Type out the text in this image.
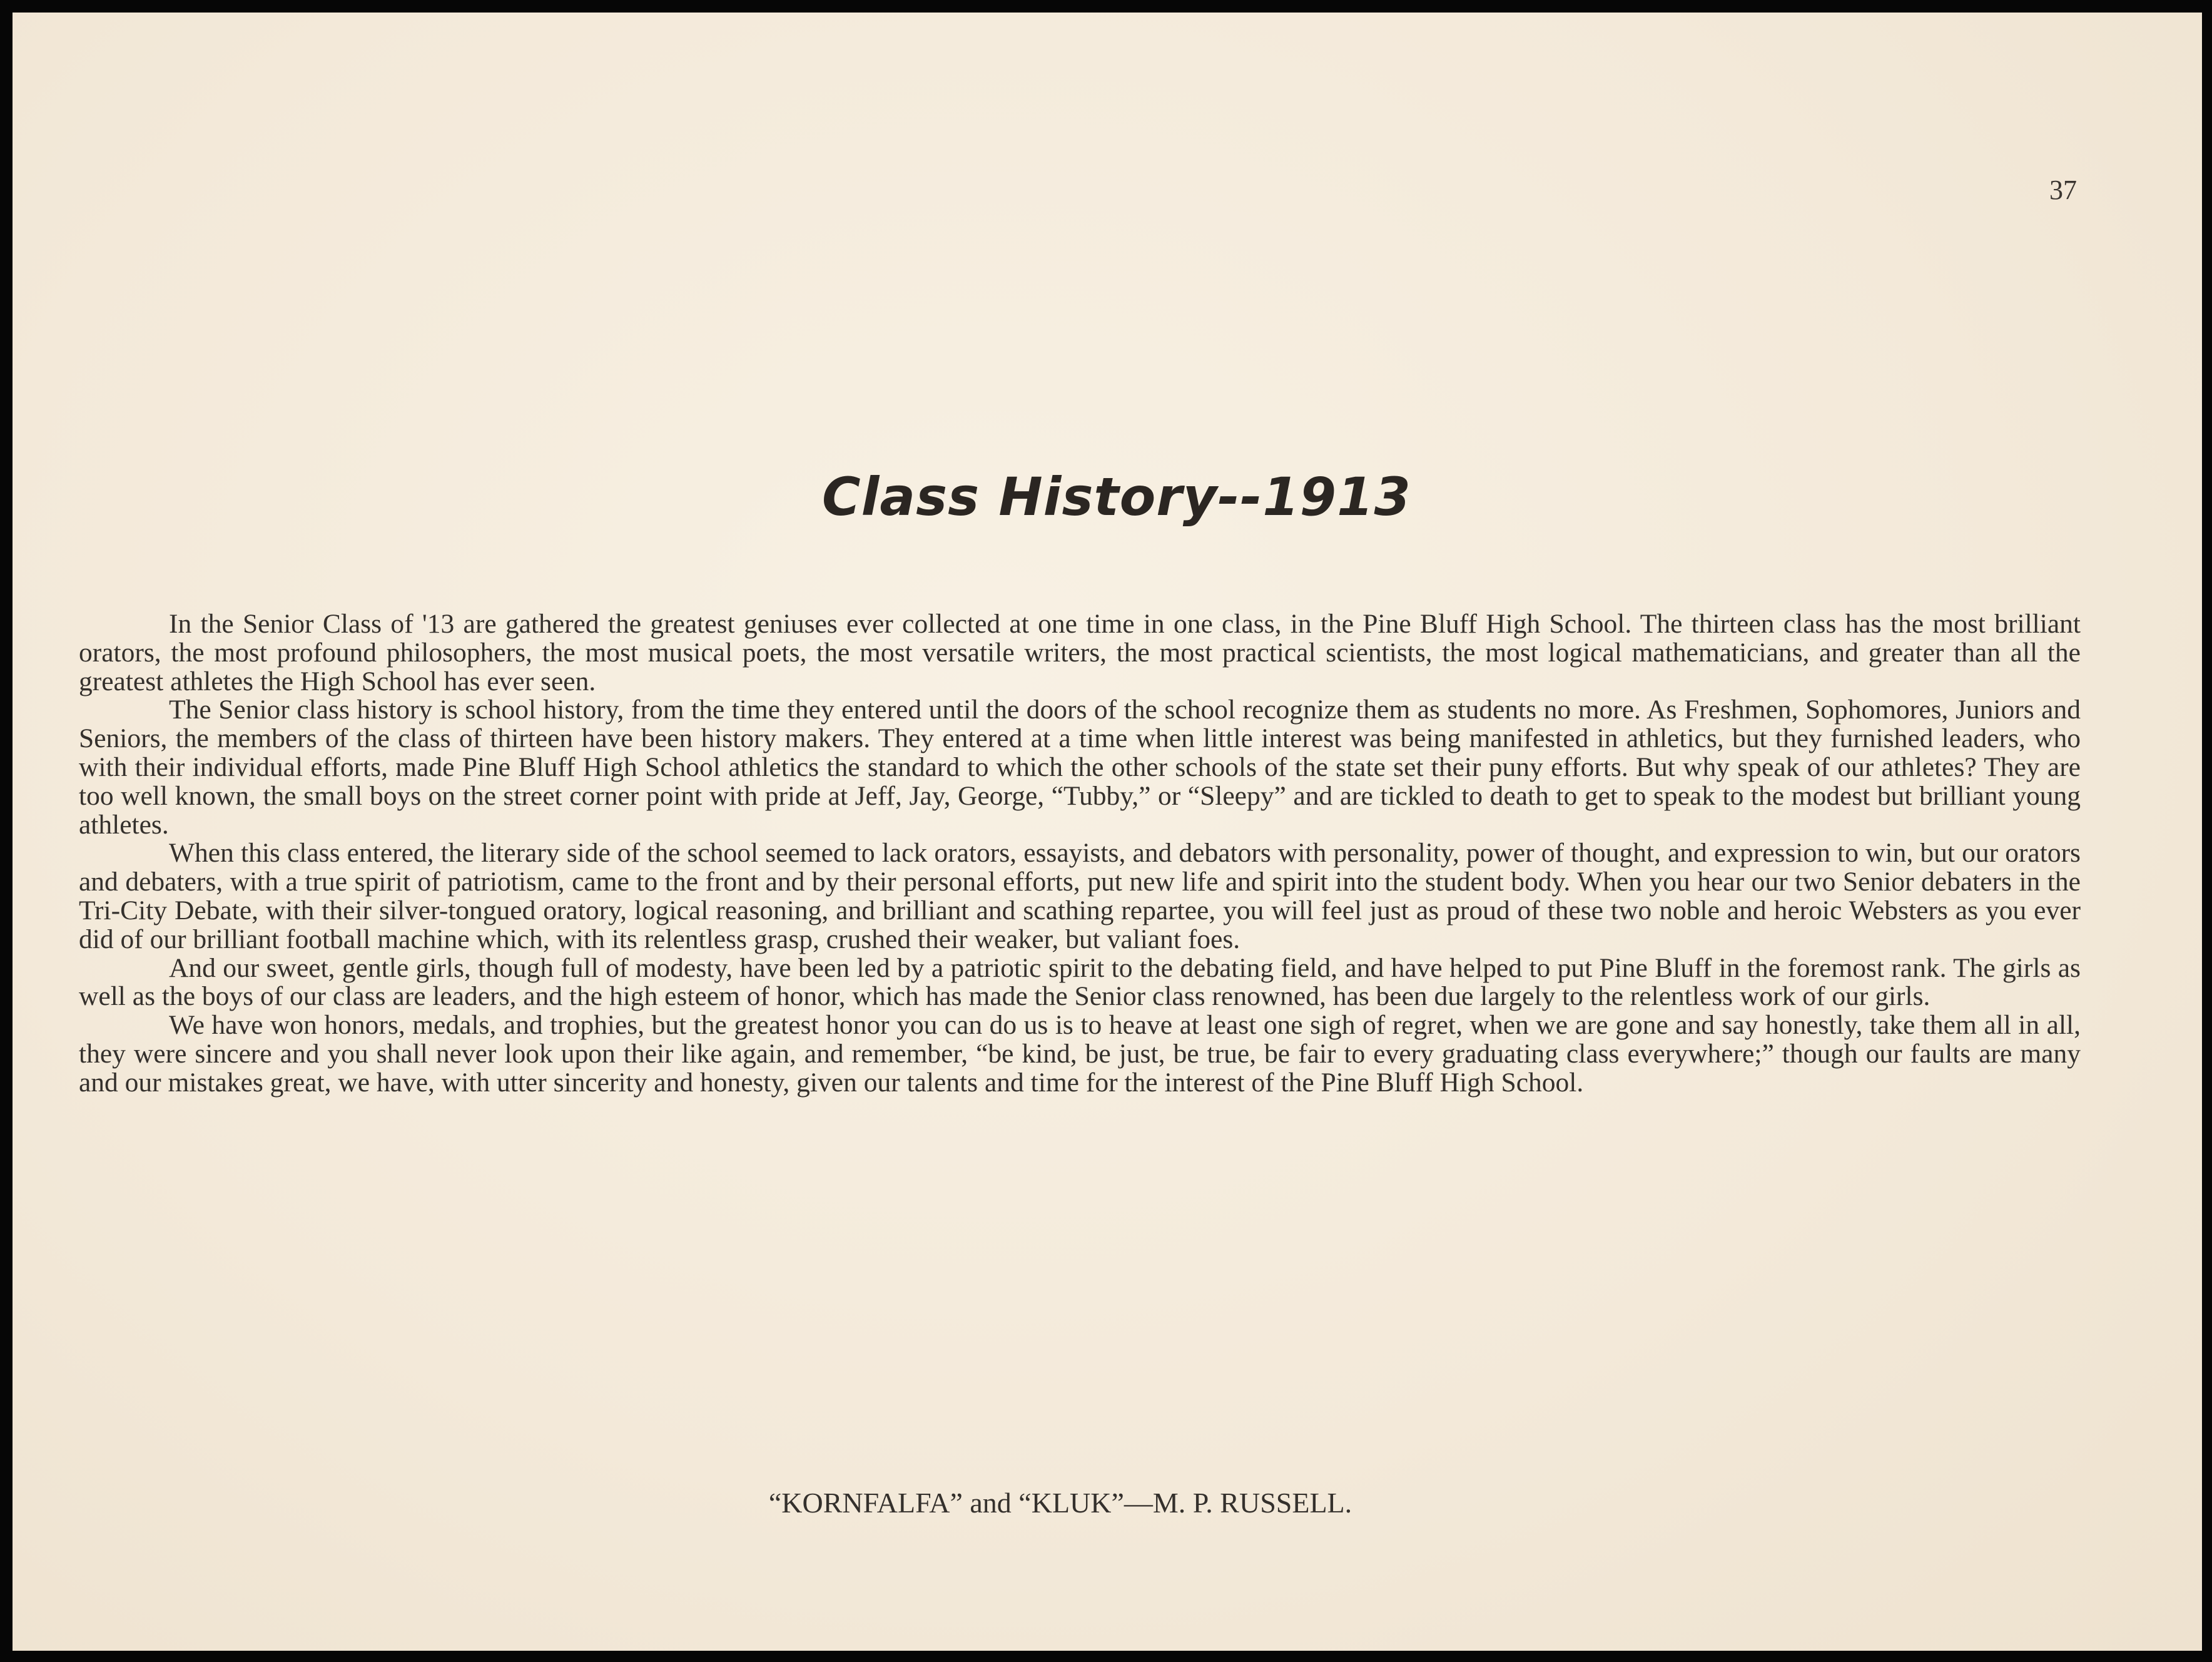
37
Class History--1913

In the Senior Class of '13 are gathered the greatest geniuses ever collected at one time in one class, in the Pine Bluff High School. The thirteen class has the most brilliant orators, the most profound philosophers, the most musical poets, the most versatile writers, the most practical scientists, the most logical mathematicians, and greater than all the greatest athletes the High School has ever seen.

The Senior class history is school history, from the time they entered until the doors of the school recognize them as students no more. As Freshmen, Sophomores, Juniors and Seniors, the members of the class of thirteen have been history makers. They entered at a time when little interest was being manifested in athletics, but they furnished leaders, who with their individual efforts, made Pine Bluff High School athletics the standard to which the other schools of the state set their puny efforts. But why speak of our athletes? They are too well known, the small boys on the street corner point with pride at Jeff, Jay, George, “Tubby,” or “Sleepy” and are tickled to death to get to speak to the modest but brilliant young athletes.

When this class entered, the literary side of the school seemed to lack orators, essayists, and debators with personality, power of thought, and expression to win, but our orators and debaters, with a true spirit of patriotism, came to the front and by their personal efforts, put new life and spirit into the student body. When you hear our two Senior debaters in the Tri-City Debate, with their silver-tongued oratory, logical reasoning, and brilliant and scathing repartee, you will feel just as proud of these two noble and heroic Websters as you ever did of our brilliant football machine which, with its relentless grasp, crushed their weaker, but valiant foes.

And our sweet, gentle girls, though full of modesty, have been led by a patriotic spirit to the debating field, and have helped to put Pine Bluff in the foremost rank. The girls as well as the boys of our class are leaders, and the high esteem of honor, which has made the Senior class renowned, has been due largely to the relentless work of our girls.

We have won honors, medals, and trophies, but the greatest honor you can do us is to heave at least one sigh of regret, when we are gone and say honestly, take them all in all, they were sincere and you shall never look upon their like again, and remember, “be kind, be just, be true, be fair to every graduating class everywhere;” though our faults are many and our mistakes great, we have, with utter sincerity and honesty, given our talents and time for the interest of the Pine Bluff High School.

“KORNFALFA” and “KLUK”—M. P. RUSSELL.
